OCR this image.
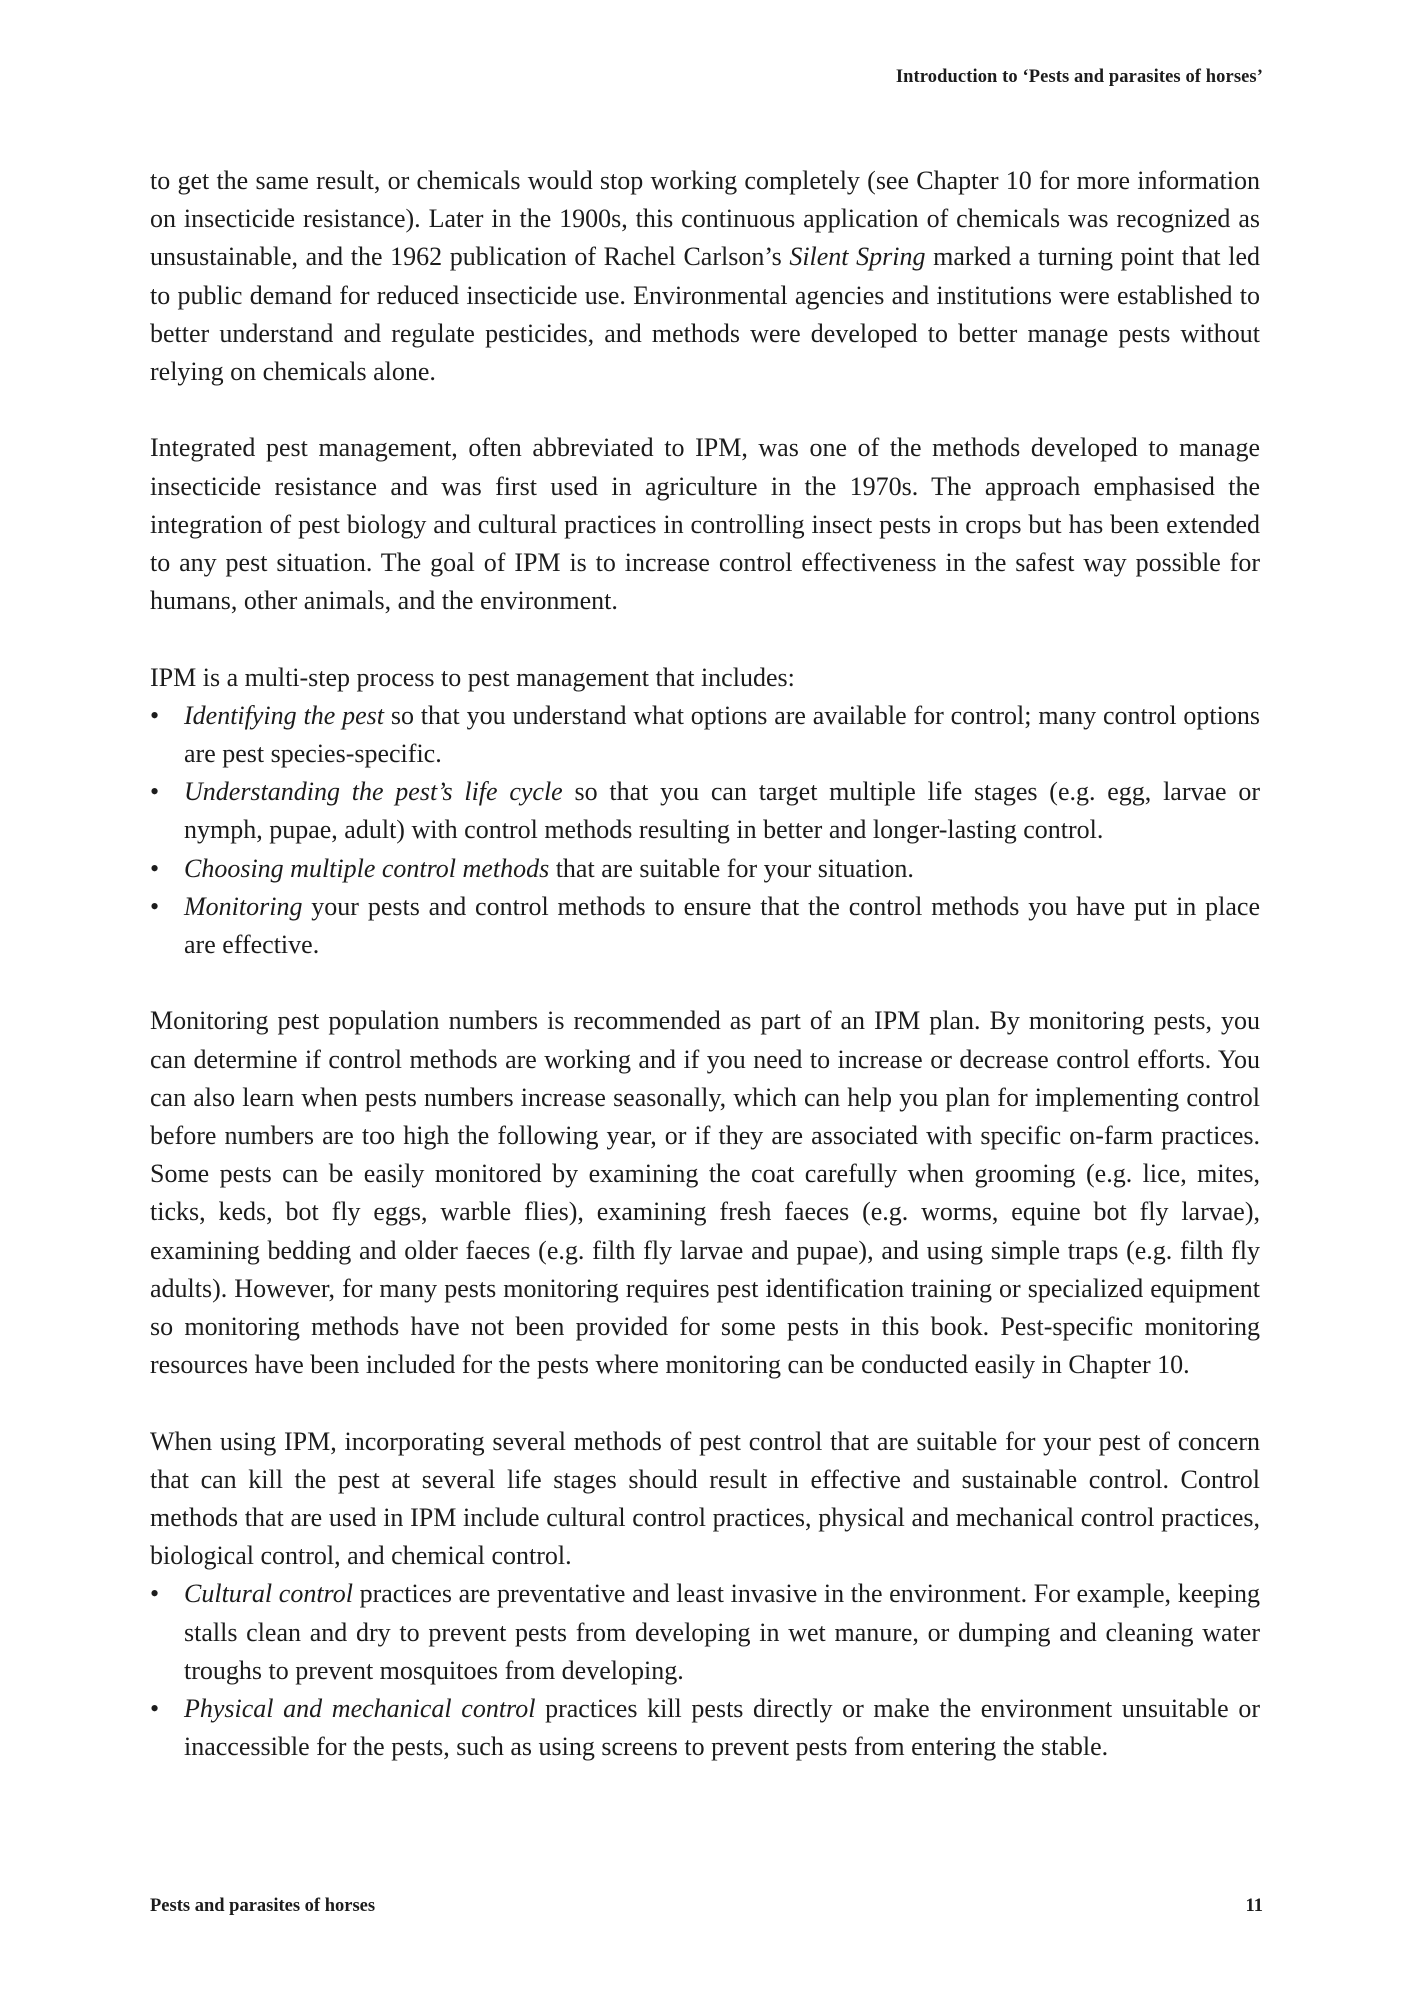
Introduction to ‘Pests and parasites of horses’

to get the same result, or chemicals would stop working completely (see Chapter 10 for more information on insecticide resistance). Later in the 1900s, this continuous application of chemicals was recognized as unsustainable, and the 1962 publication of Rachel Carlson’s Silent Spring marked a turning point that led to public demand for reduced insecticide use. Environmental agencies and institutions were established to better understand and regulate pesticides, and methods were developed to better manage pests without relying on chemicals alone.

Integrated pest management, often abbreviated to IPM, was one of the methods developed to manage insecticide resistance and was first used in agriculture in the 1970s. The approach emphasised the integration of pest biology and cultural practices in controlling insect pests in crops but has been extended to any pest situation. The goal of IPM is to increase control effectiveness in the safest way possible for humans, other animals, and the environment.

IPM is a multi-step process to pest management that includes:

• Identifying the pest so that you understand what options are available for control; many control options are pest species-specific.
• Understanding the pest’s life cycle so that you can target multiple life stages (e.g. egg, larvae or nymph, pupae, adult) with control methods resulting in better and longer-lasting control.
• Choosing multiple control methods that are suitable for your situation.
• Monitoring your pests and control methods to ensure that the control methods you have put in place are effective.

Monitoring pest population numbers is recommended as part of an IPM plan. By monitoring pests, you can determine if control methods are working and if you need to increase or decrease control efforts. You can also learn when pests numbers increase seasonally, which can help you plan for implementing control before numbers are too high the following year, or if they are associated with specific on-farm practices. Some pests can be easily monitored by examining the coat carefully when grooming (e.g. lice, mites, ticks, keds, bot fly eggs, warble flies), examining fresh faeces (e.g. worms, equine bot fly larvae), examining bedding and older faeces (e.g. filth fly larvae and pupae), and using simple traps (e.g. filth fly adults). However, for many pests monitoring requires pest identification training or specialized equipment so monitoring methods have not been provided for some pests in this book. Pest-specific monitoring resources have been included for the pests where monitoring can be conducted easily in Chapter 10.

When using IPM, incorporating several methods of pest control that are suitable for your pest of concern that can kill the pest at several life stages should result in effective and sustainable control. Control methods that are used in IPM include cultural control practices, physical and mechanical control practices, biological control, and chemical control.

• Cultural control practices are preventative and least invasive in the environment. For example, keeping stalls clean and dry to prevent pests from developing in wet manure, or dumping and cleaning water troughs to prevent mosquitoes from developing.
• Physical and mechanical control practices kill pests directly or make the environment unsuitable or inaccessible for the pests, such as using screens to prevent pests from entering the stable.
Pests and parasites of horses	11
